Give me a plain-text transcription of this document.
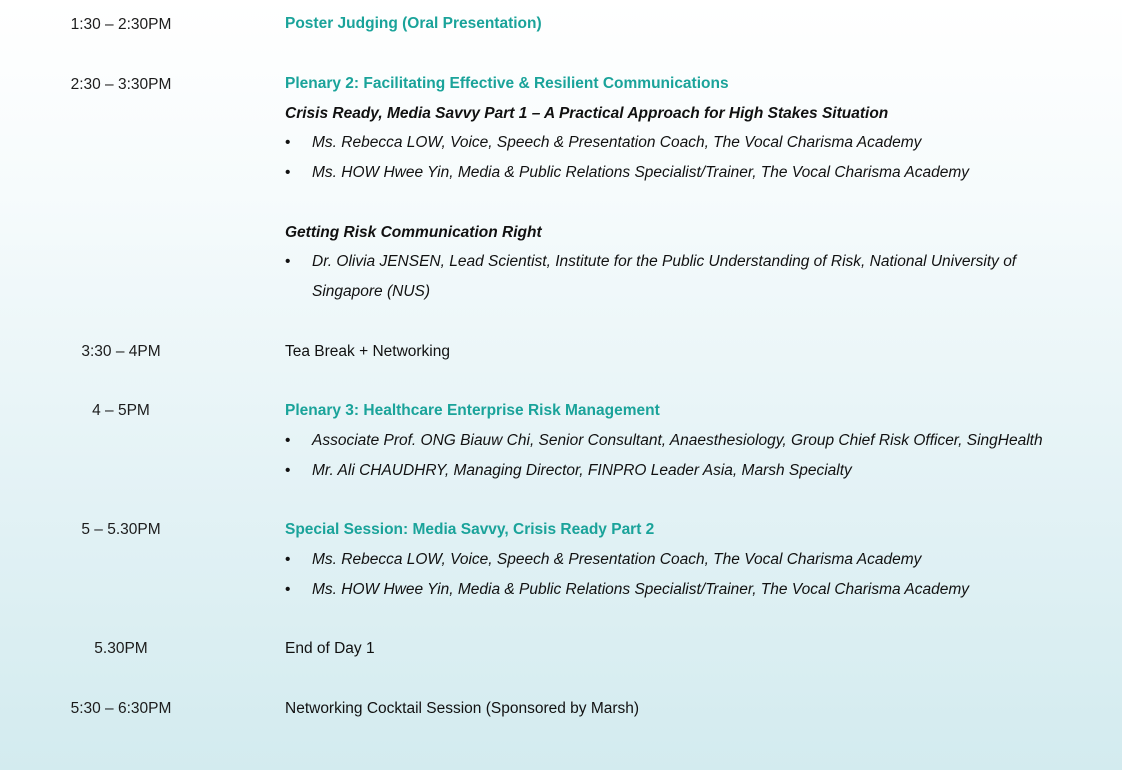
1:30 – 2:30PM	Poster Judging (Oral Presentation)
2:30 – 3:30PM	Plenary 2: Facilitating Effective & Resilient Communications
Crisis Ready, Media Savvy Part 1 – A Practical Approach for High Stakes Situation
• Ms. Rebecca LOW, Voice, Speech & Presentation Coach, The Vocal Charisma Academy
• Ms. HOW Hwee Yin, Media & Public Relations Specialist/Trainer, The Vocal Charisma Academy
Getting Risk Communication Right
• Dr. Olivia JENSEN, Lead Scientist, Institute for the Public Understanding of Risk, National University of Singapore (NUS)
3:30 – 4PM	Tea Break + Networking
4 – 5PM	Plenary 3: Healthcare Enterprise Risk Management
• Associate Prof. ONG Biauw Chi, Senior Consultant, Anaesthesiology, Group Chief Risk Officer, SingHealth
• Mr. Ali CHAUDHRY, Managing Director, FINPRO Leader Asia, Marsh Specialty
5 – 5.30PM	Special Session: Media Savvy, Crisis Ready Part 2
• Ms. Rebecca LOW, Voice, Speech & Presentation Coach, The Vocal Charisma Academy
• Ms. HOW Hwee Yin, Media & Public Relations Specialist/Trainer, The Vocal Charisma Academy
5.30PM	End of Day 1
5:30 – 6:30PM	Networking Cocktail Session (Sponsored by Marsh)
